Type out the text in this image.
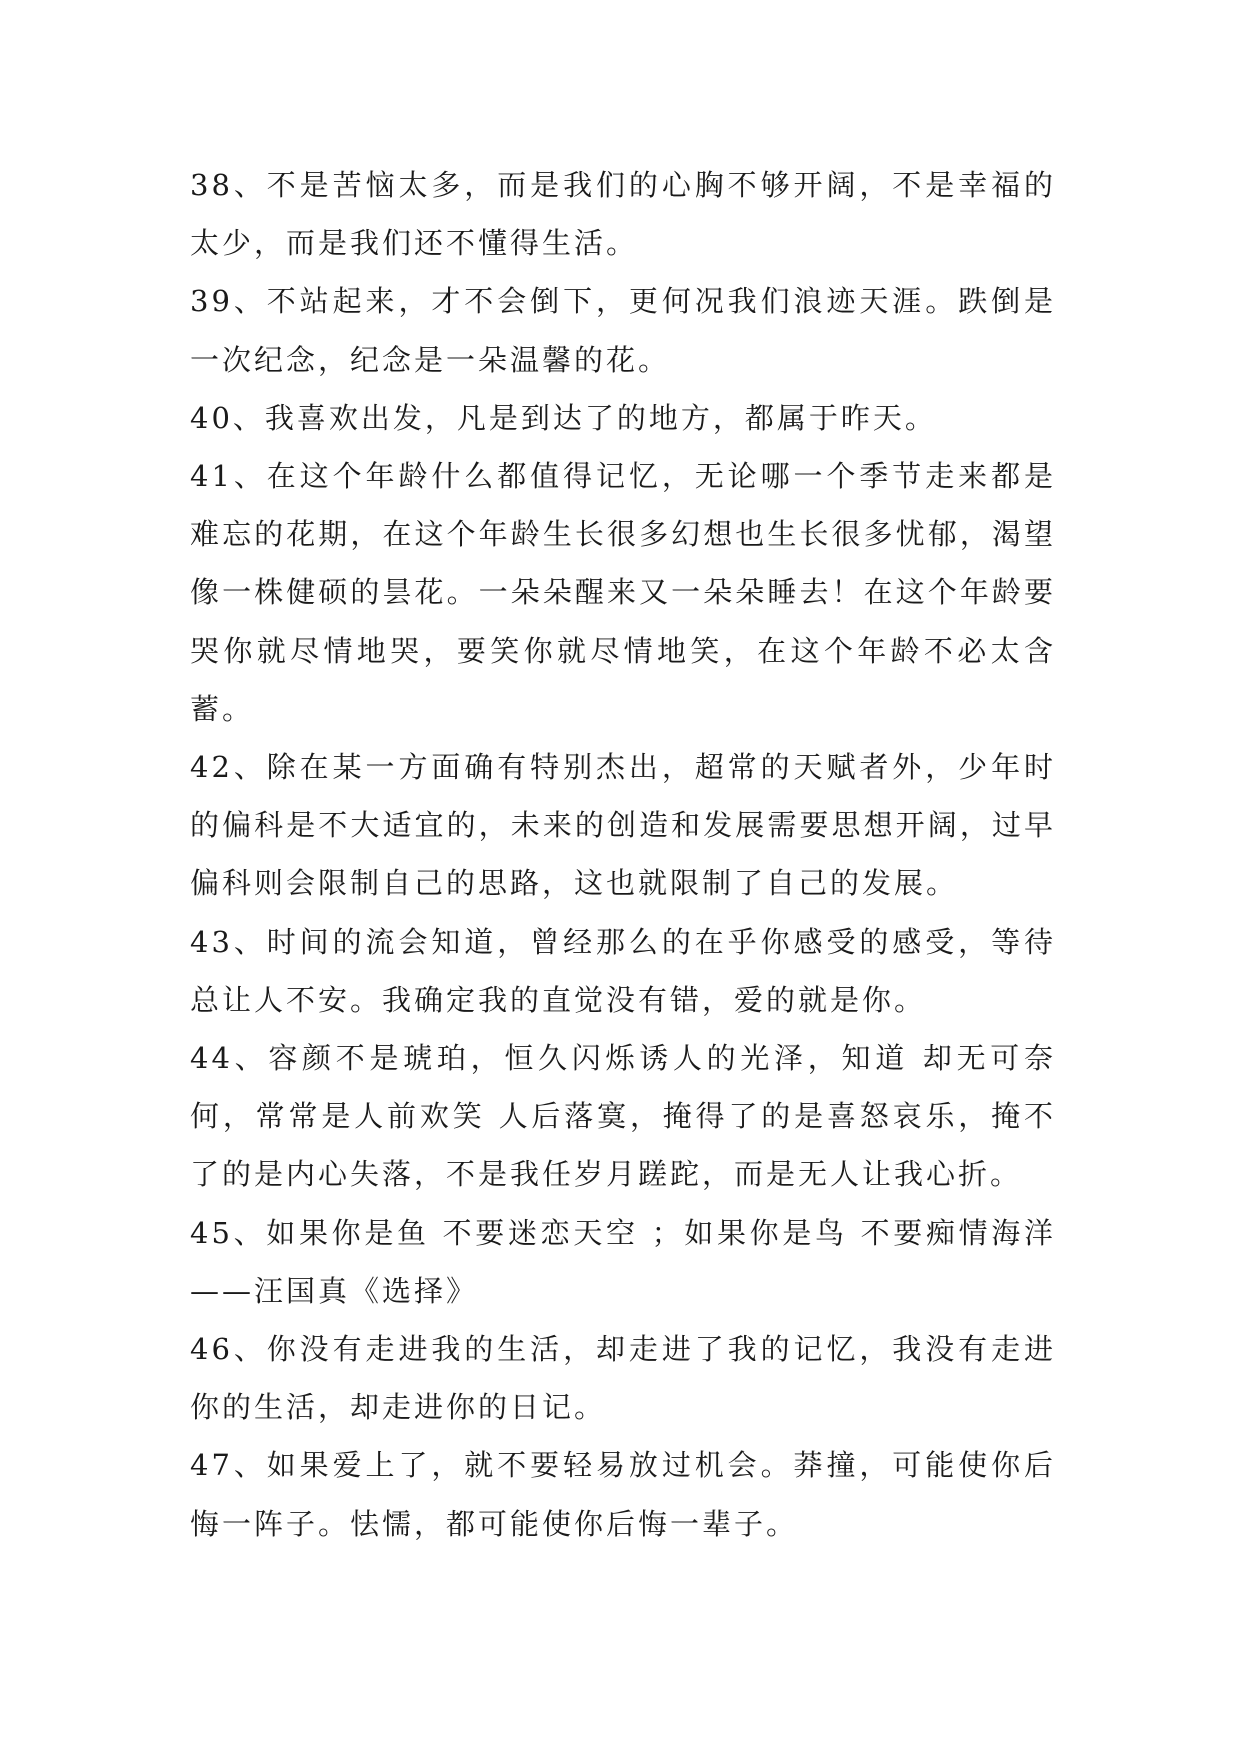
38、不是苦恼太多，而是我们的心胸不够开阔，不是幸福的太少，而是我们还不懂得生活。

39、不站起来，才不会倒下，更何况我们浪迹天涯。跌倒是一次纪念，纪念是一朵温馨的花。

40、我喜欢出发，凡是到达了的地方，都属于昨天。

41、在这个年龄什么都值得记忆，无论哪一个季节走来都是难忘的花期，在这个年龄生长很多幻想也生长很多忧郁，渴望像一株健硕的昙花。一朵朵醒来又一朵朵睡去！在这个年龄要哭你就尽情地哭，要笑你就尽情地笑，在这个年龄不必太含蓄。

42、除在某一方面确有特别杰出，超常的天赋者外，少年时的偏科是不大适宜的，未来的创造和发展需要思想开阔，过早偏科则会限制自己的思路，这也就限制了自己的发展。

43、时间的流会知道，曾经那么的在乎你感受的感受，等待总让人不安。我确定我的直觉没有错，爱的就是你。

44、容颜不是琥珀，恒久闪烁诱人的光泽，知道 却无可奈何，常常是人前欢笑 人后落寞，掩得了的是喜怒哀乐，掩不了的是内心失落，不是我任岁月蹉跎，而是无人让我心折。

45、如果你是鱼 不要迷恋天空 ；如果你是鸟 不要痴情海洋——汪国真《选择》

46、你没有走进我的生活，却走进了我的记忆，我没有走进你的生活，却走进你的日记。

47、如果爱上了，就不要轻易放过机会。莽撞，可能使你后悔一阵子。怯懦，都可能使你后悔一辈子。
